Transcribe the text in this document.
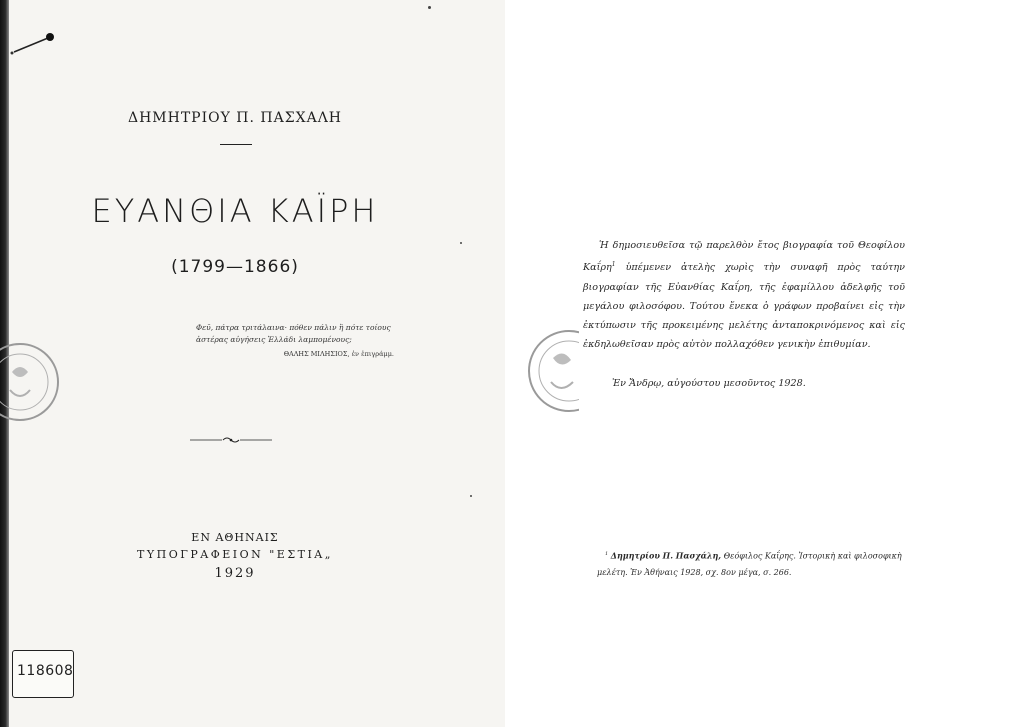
ΔΗΜΗΤΡΙΟΥ Π. ΠΑΣΧΑΛΗ
ΕΥΑΝΘΙΑ ΚΑΪΡΗ
(1799—1866)
Φεῦ, πάτρα τριτάλαινα· πόθεν πάλιν ἢ πότε τοίους
ἀστέρας αὐγήσεις Ἑλλάδι λαμπομένους;
ΘΑΛΗΣ ΜΙΛΗΣΙΟΣ, ἐν ἐπιγράμμ.
ΕΝ ΑΘΗΝΑΙΣ
ΤΥΠΟΓΡΑΦΕΙΟΝ "ΕΣΤΙΑ„
1929
118608
Ἡ δημοσιευθεῖσα τῷ παρελθὸν ἔτος βιογραφία τοῦ Θεοφίλου Καΐρη$^1$ ὑπέμενεν ἀτελὴς χωρὶς τὴν συναφῆ πρὸς ταύτην βιογραφίαν τῆς Εὐανθίας Καΐρη, τῆς ἐφαμίλλου ἀδελφῆς τοῦ μεγάλου φιλοσόφου. Τούτου ἕνεκα ὁ γράφων προβαίνει εἰς τὴν ἐκτύπωσιν τῆς προκειμένης μελέτης ἀνταποκρινόμενος καὶ εἰς ἐκδηλωθεῖσαν πρὸς αὐτὸν πολλαχόθεν γενικὴν ἐπιθυμίαν.
Ἐν Ἄνδρῳ, αὐγούστου μεσοῦντος 1928.
$^1$ Δημητρίου Π. Πασχάλη, Θεόφιλος Καΐρης. Ἱστορικὴ καὶ φιλοσοφικὴ μελέτη. Ἐν Ἀθήναις 1928, σχ. 8ον μέγα, σ. 266.
